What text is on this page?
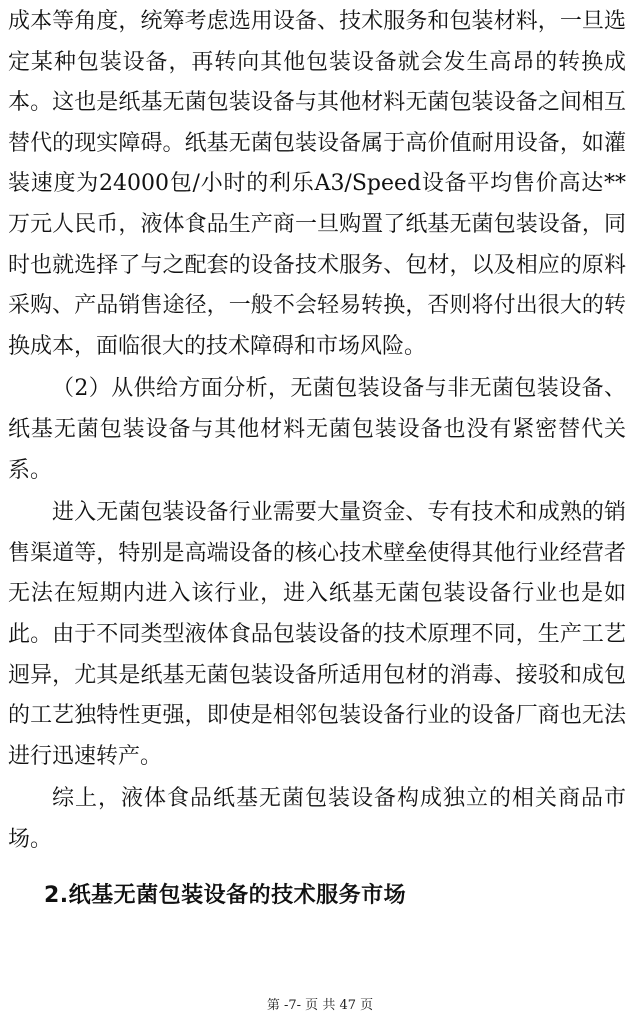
成本等角度，统筹考虑选用设备、技术服务和包装材料，一旦选定某种包装设备，再转向其他包装设备就会发生高昂的转换成本。这也是纸基无菌包装设备与其他材料无菌包装设备之间相互替代的现实障碍。纸基无菌包装设备属于高价值耐用设备，如灌装速度为24000包/小时的利乐A3/Speed设备平均售价高达**万元人民币，液体食品生产商一旦购置了纸基无菌包装设备，同时也就选择了与之配套的设备技术服务、包材，以及相应的原料采购、产品销售途径，一般不会轻易转换，否则将付出很大的转换成本，面临很大的技术障碍和市场风险。

（2）从供给方面分析，无菌包装设备与非无菌包装设备、纸基无菌包装设备与其他材料无菌包装设备也没有紧密替代关系。

进入无菌包装设备行业需要大量资金、专有技术和成熟的销售渠道等，特别是高端设备的核心技术壁垒使得其他行业经营者无法在短期内进入该行业，进入纸基无菌包装设备行业也是如此。由于不同类型液体食品包装设备的技术原理不同，生产工艺迥异，尤其是纸基无菌包装设备所适用包材的消毒、接驳和成包的工艺独特性更强，即使是相邻包装设备行业的设备厂商也无法进行迅速转产。

综上，液体食品纸基无菌包装设备构成独立的相关商品市场。

2.纸基无菌包装设备的技术服务市场
第 -7- 页 共 47 页
